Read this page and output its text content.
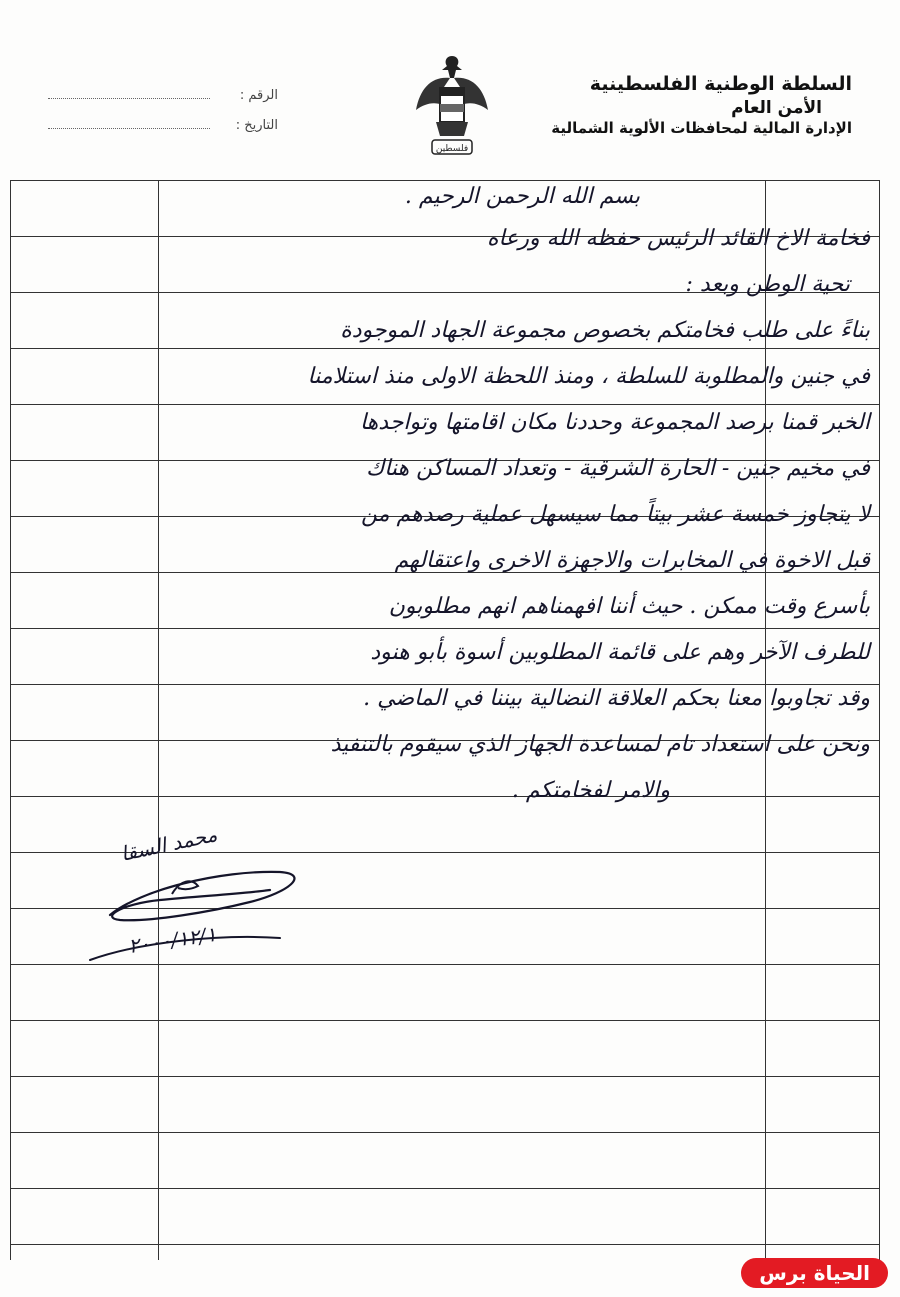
السلطة الوطنية الفلسطينية
الأمن العام
الإدارة المالية لمحافظات الألوية الشمالية
فلسطين
الرقم :
التاريخ :
بسم الله الرحمن الرحيم .
فخامة الاخ القائد الرئيس حفظه الله ورعاه
تحية الوطن وبعد :
بناءً على طلب فخامتكم بخصوص مجموعة الجهاد الموجودة
في جنين والمطلوبة للسلطة ، ومنذ اللحظة الاولى منذ استلامنا
الخبر قمنا برصد المجموعة وحددنا مكان اقامتها وتواجدها
في مخيم جنين - الحارة الشرقية - وتعداد المساكن هناك
لا يتجاوز خمسة عشر بيتاً مما سيسهل عملية رصدهم من
قبل الاخوة في المخابرات والاجهزة الاخرى واعتقالهم
بأسرع وقت ممكن . حيث أننا افهمناهم انهم مطلوبون
للطرف الآخر وهم على قائمة المطلوبين أسوة بأبو هنود
وقد تجاوبوا معنا بحكم العلاقة النضالية بيننا في الماضي .
ونحن على استعداد تام لمساعدة الجهاز الذي سيقوم بالتنفيذ
والامر لفخامتكم .
محمد السقا
٢٠٠٠/١٢/١
الحياة برس
